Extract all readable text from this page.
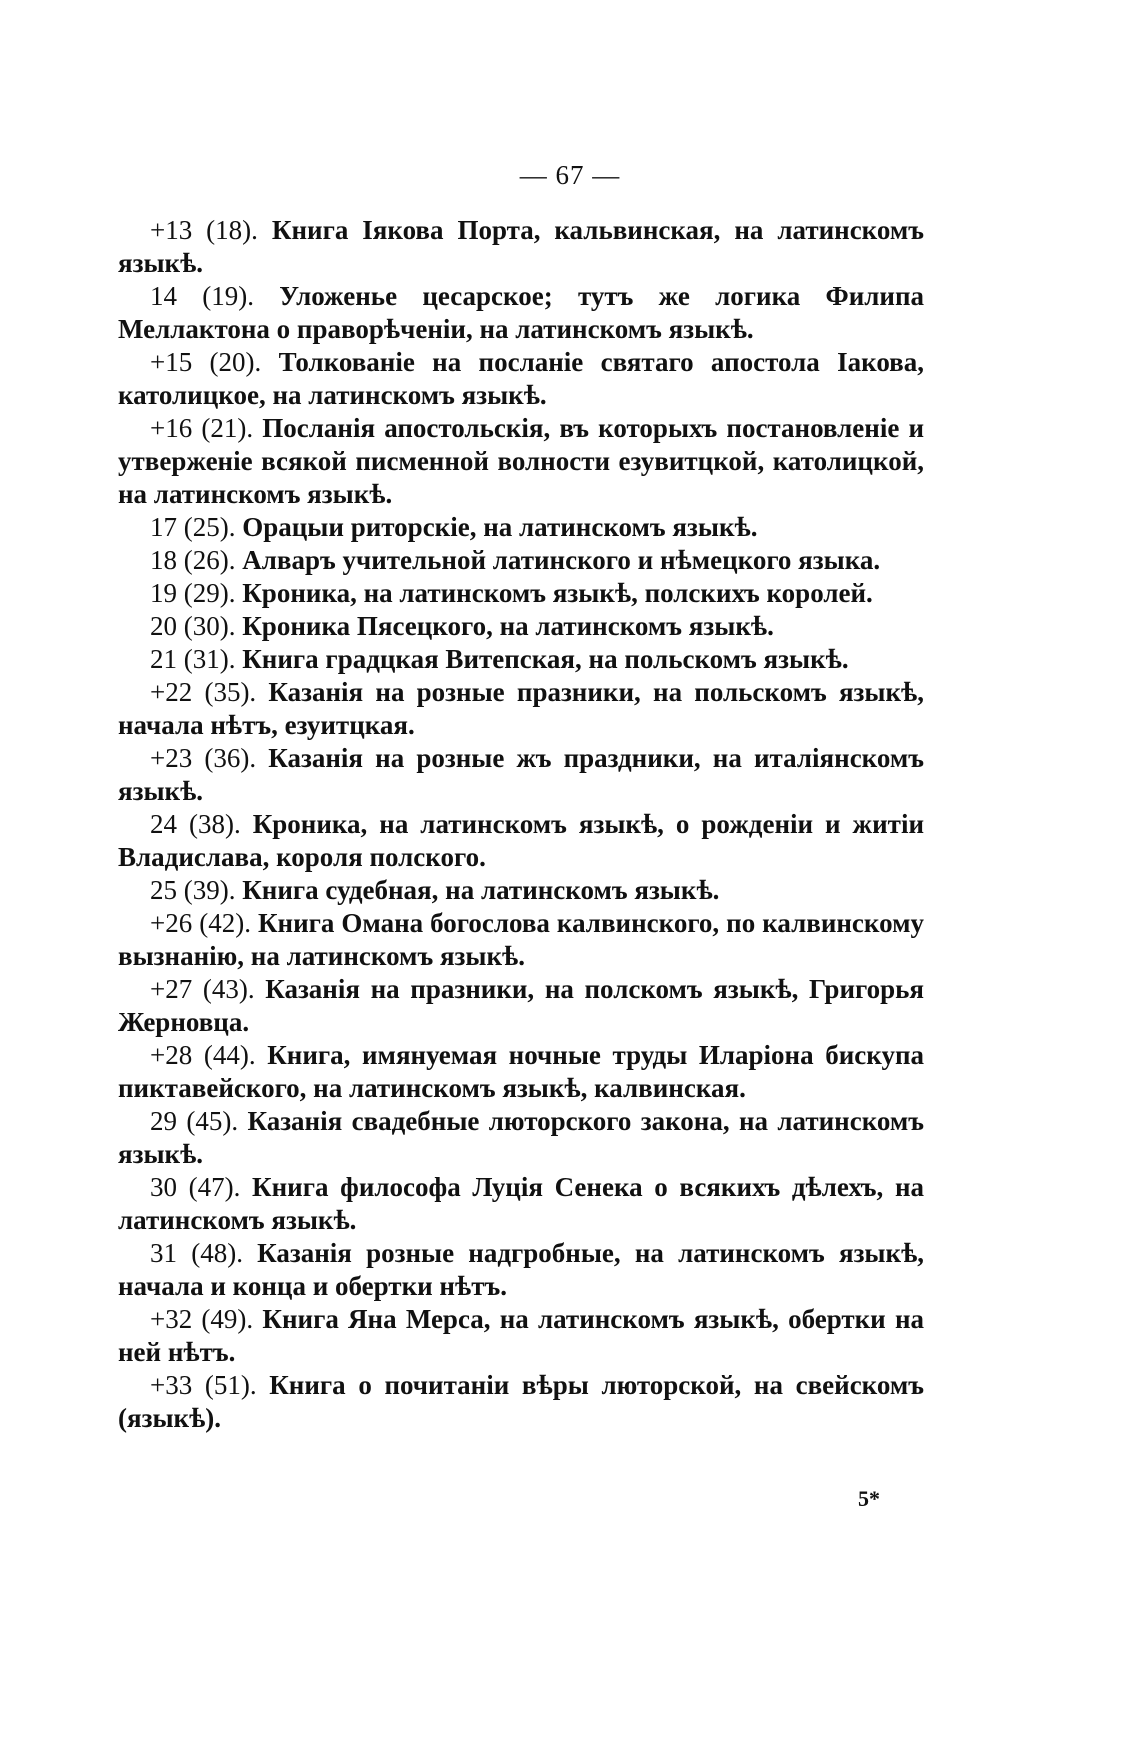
— 67 —

+13 (18). Книга Іякова Порта, кальвинская, на латинскомъ языкѣ.

14 (19). Уложенье цесарское; тутъ же логика Филипа Меллактона о праворѣченіи, на латинскомъ языкѣ.

+15 (20). Толкованіе на посланіе святаго апостола Іакова, католицкое, на латинскомъ языкѣ.

+16 (21). Посланія апостольскія, въ которыхъ постановленіе и утверженіе всякой писменной волности езувитцкой, католицкой, на латинскомъ языкѣ.

17 (25). Орацыи риторскіе, на латинскомъ языкѣ.

18 (26). Алваръ учительной латинского и нѣмецкого языка.

19 (29). Кроника, на латинскомъ языкѣ, полскихъ королей.

20 (30). Кроника Пясецкого, на латинскомъ языкѣ.

21 (31). Книга градцкая Витепская, на польскомъ языкѣ.

+22 (35). Казанія на розные празники, на польскомъ языкѣ, начала нѣтъ, езуитцкая.

+23 (36). Казанія на розные жъ праздники, на италіянскомъ языкѣ.

24 (38). Кроника, на латинскомъ языкѣ, о рожденіи и житіи Владислава, короля полского.

25 (39). Книга судебная, на латинскомъ языкѣ.

+26 (42). Книга Омана богослова калвинского, по калвинскому вызнанію, на латинскомъ языкѣ.

+27 (43). Казанія на празники, на полскомъ языкѣ, Григорья Жерновца.

+28 (44). Книга, имянуемая ночные труды Иларіона бискупа пиктавейского, на латинскомъ языкѣ, калвинская.

29 (45). Казанія свадебные люторского закона, на латинскомъ языкѣ.

30 (47). Книга философа Луція Сенека о всякихъ дѣлехъ, на латинскомъ языкѣ.

31 (48). Казанія розные надгробные, на латинскомъ языкѣ, начала и конца и обертки нѣтъ.

+32 (49). Книга Яна Мерса, на латинскомъ языкѣ, обертки на ней нѣтъ.

+33 (51). Книга о почитаніи вѣры люторской, на свейскомъ (языкѣ).

5*
